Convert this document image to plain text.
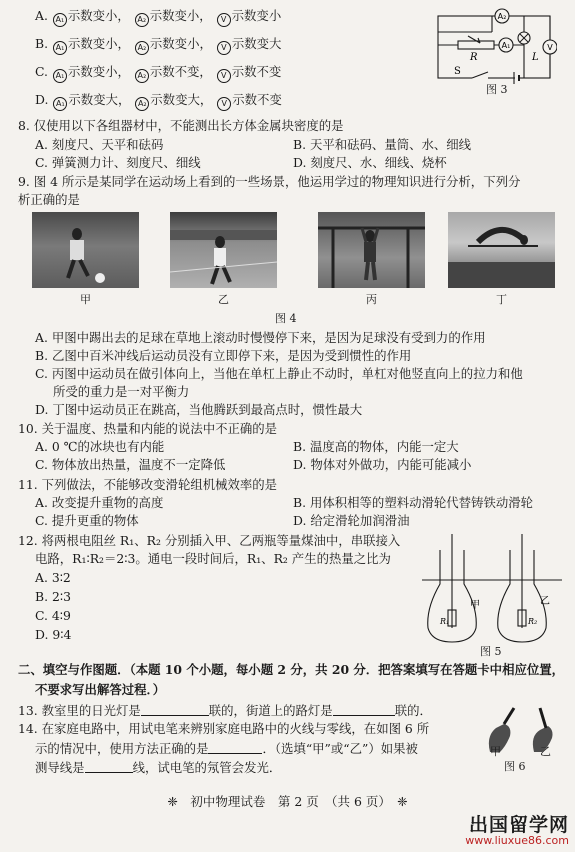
A. A₁ 示数变小， A₂ 示数变小， V 示数变小
B. A₁ 示数变小， A₂ 示数变小， V 示数变大
C. A₁ 示数变小， A₂ 示数不变， V 示数不变
D. A₁ 示数变大， A₂ 示数变大， V 示数不变
A₂
A₁	V
R	L
S
图 3
8. 仅使用以下各组器材中，不能测出长方体金属块密度的是
A. 刻度尺、天平和砝码	B. 天平和砝码、量筒、水、细线
C. 弹簧测力计、刻度尺、细线	D. 刻度尺、水、细线、烧杯
9. 图 4 所示是某同学在运动场上看到的一些场景，他运用学过的物理知识进行分析，下列分
析正确的是
甲	乙	丙	丁
图 4
A. 甲图中踢出去的足球在草地上滚动时慢慢停下来，是因为足球没有受到力的作用
B. 乙图中百米冲线后运动员没有立即停下来，是因为受到惯性的作用
C. 丙图中运动员在做引体向上，当他在单杠上静止不动时，单杠对他竖直向上的拉力和他
所受的重力是一对平衡力
D. 丁图中运动员正在跳高，当他腾跃到最高点时，惯性最大
10. 关于温度、热量和内能的说法中不正确的是
A. 0 ℃的冰块也有内能	B. 温度高的物体，内能一定大
C. 物体放出热量，温度不一定降低	D. 物体对外做功，内能可能减小
11. 下列做法，不能够改变滑轮组机械效率的是
A. 改变提升重物的高度	B. 用体积相等的塑料动滑轮代替铸铁动滑轮
C. 提升更重的物体	D. 给定滑轮加润滑油
12. 将两根电阻丝 R₁、R₂ 分别插入甲、乙两瓶等量煤油中，串联接入
电路，R₁∶R₂＝2∶3。通电一段时间后，R₁、R₂ 产生的热量之比为
A. 3∶2
B. 2∶3
C. 4∶9
D. 9∶4
甲	乙
R₁	R₂
图 5
二、填空与作图题．（本题 10 个小题，每小题 2 分，共 20 分．把答案填写在答题卡中相应位置，
不要求写出解答过程．）
13. 教室里的日光灯是	联的，街道上的路灯是	联的．
14. 在家庭电路中，用试电笔来辨别家庭电路中的火线与零线，在如图 6 所
示的情况中，使用方法正确的是	．（选填“甲”或“乙”）如果被
测导线是	线，试电笔的氖管会发光．
甲	乙
图 6
❈　初中物理试卷　第 2 页　（共 6 页）　❈
出国留学网
www.liuxue86.com
